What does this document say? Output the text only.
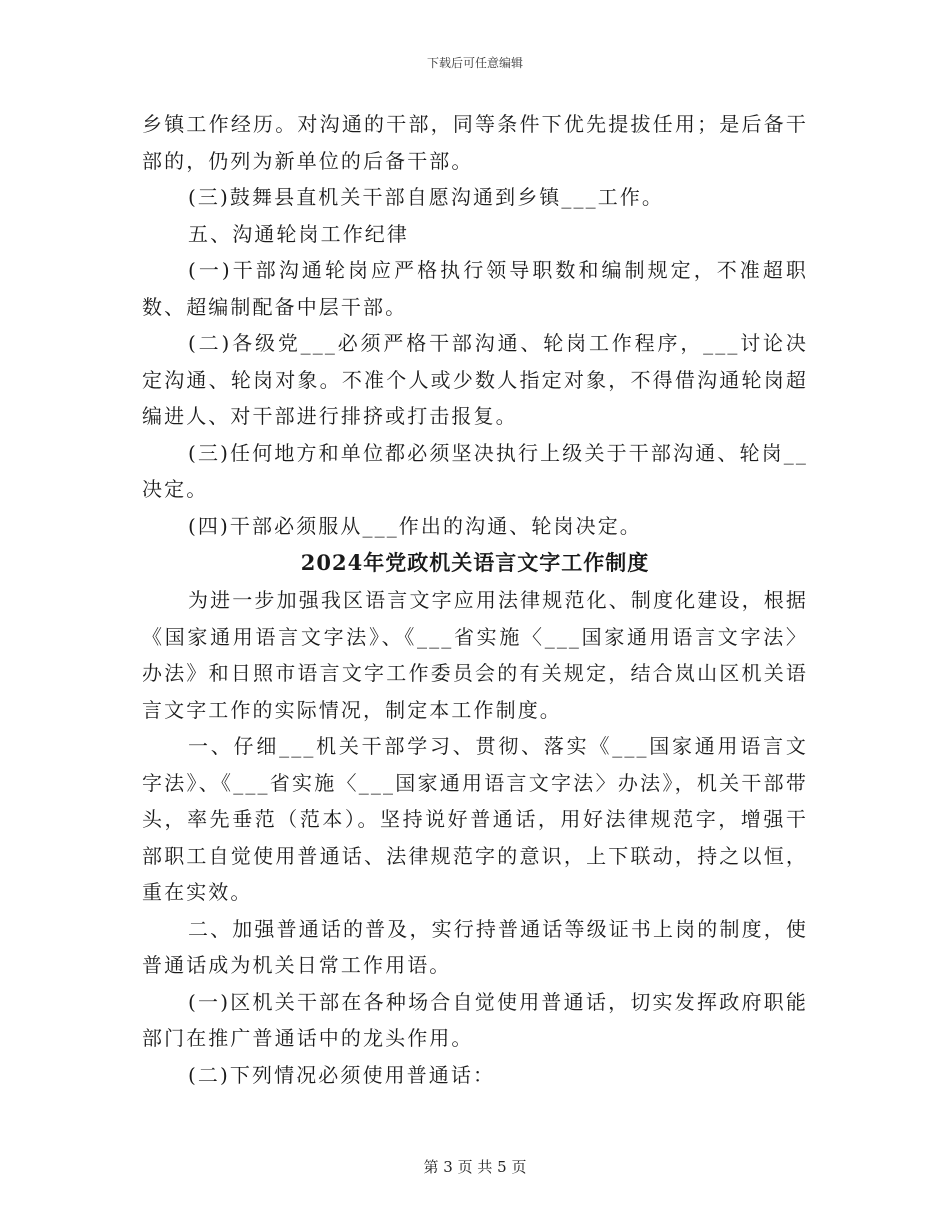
下载后可任意编辑

乡镇工作经历。对沟通的干部，同等条件下优先提拔任用；是后备干部的，仍列为新单位的后备干部。

(三)鼓舞县直机关干部自愿沟通到乡镇___工作。

五、沟通轮岗工作纪律

(一)干部沟通轮岗应严格执行领导职数和编制规定，不准超职数、超编制配备中层干部。

(二)各级党___必须严格干部沟通、轮岗工作程序，___讨论决定沟通、轮岗对象。不准个人或少数人指定对象，不得借沟通轮岗超编进人、对干部进行排挤或打击报复。

(三)任何地方和单位都必须坚决执行上级关于干部沟通、轮岗__决定。

(四)干部必须服从___作出的沟通、轮岗决定。

2024年党政机关语言文字工作制度

为进一步加强我区语言文字应用法律规范化、制度化建设，根据《国家通用语言文字法》、《___省实施〈___国家通用语言文字法〉办法》和日照市语言文字工作委员会的有关规定，结合岚山区机关语言文字工作的实际情况，制定本工作制度。

一、仔细___机关干部学习、贯彻、落实《___国家通用语言文字法》、《___省实施〈___国家通用语言文字法〉办法》，机关干部带头，率先垂范（范本）。坚持说好普通话，用好法律规范字，增强干部职工自觉使用普通话、法律规范字的意识，上下联动，持之以恒，重在实效。

二、加强普通话的普及，实行持普通话等级证书上岗的制度，使普通话成为机关日常工作用语。

(一)区机关干部在各种场合自觉使用普通话，切实发挥政府职能部门在推广普通话中的龙头作用。

(二)下列情况必须使用普通话：

第 3 页 共 5 页
